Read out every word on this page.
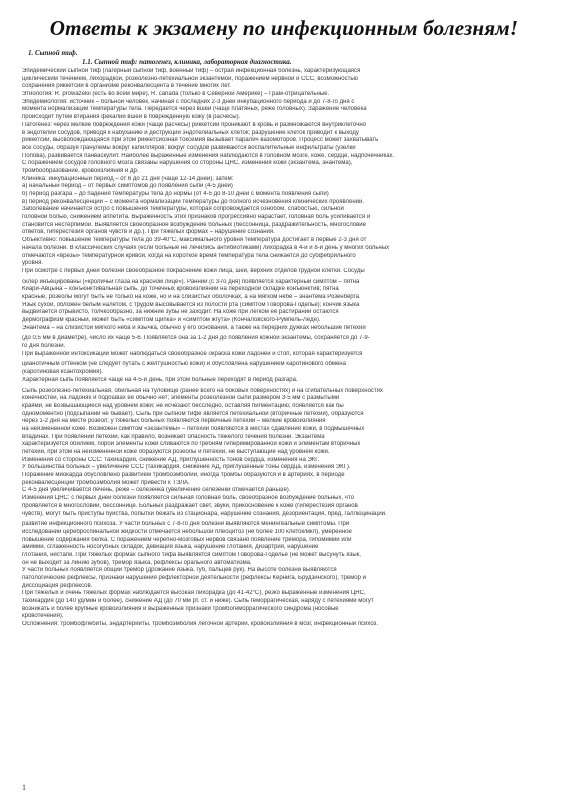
Ответы к экзамену по инфекционным болезням!
1. Сыпной тиф.
1.1. Сыпной тиф: патогенез, клиника, лабораторная диагностика.
Эпидемический сыпной тиф (лагерный сыпной тиф, военный тиф) – острая инфекционная болезнь, характеризующаяся
циклическим течением, лихорадкой, розеолезно-петехиальной экзантемой, поражением нервной и ССС, возможностью
сохранения риккетсий в организме реконвалесцента в течение многих лет.
Этиология: R. prowazekii (есть во всем мире), R. canada (только в Северной Америке) – Грам-отрицательные.
Эпидемиология: источник – больной человек, начиная с последних 2-3 дней инкубационного периода и до 7-8-го дня с
момента нормализации температуры тела. Передается через вшей (чаще платяных, реже головных). Заражение человека
происходит путем втирания фекалий вшей в поврежденную кожу (в расчесы).
Патогенез: через мелкие повреждения кожи (чаще расчесы) риккетсии проникают в кровь и размножаются внутриклеточно
в эндотелии сосудов, приводя к набуханию и деструкции эндотелиальных клеток; разрушение клеток приводит к выходу
риккетсий, высвобождающаяся при этом риккетсиозная токсемия вызывает паралич вазомоторов. Процесс может захватывать
все сосуды, образуя гранулемы вокруг капилляров; вокруг сосудов развиваются воспалительные инфильтраты (узелки
Попова), развивается панваскулит. Наиболее выраженные изменения наблюдаются в головном мозге, коже, сердце, надпочечниках.
С поражением сосудов головного мозга связаны нарушения со стороны ЦНС, изменения кожи (экзантема, энантема),
тромбообразование, кровоизлияния и др.
Клиника: инкубационный период – от 6 до 21 дня (чаще 12-14 дней), затем:
а) начальный период – от первых симптомов до появления сыпи (4-5 дней)
б) период разгара – до падения температуры тела до нормы (от 4-5 до 8-10 дней с момента появления сыпи)
в) период реконвалесценции – с момента нормализации температуры до полного исчезновения клинических проявлений.
Заболевание начинается остро с повышения температуры, которая сопровождается ознобом, слабостью, сильной
головной болью, снижением аппетита. Выраженность этих признаков прогрессивно нарастает, головная боль усиливается и
становится нестерпимой. Выявляется своеобразное возбуждение больных (бессонница, раздражительность, многословие
ответов, гиперестезия органов чувств и др.). При тяжелых формах – нарушение сознания.
Объективно: повышение температуры тела до 39-40°С, максимального уровня температура достигает в первые 2-3 дня от
начала болезни. В классических случаях (если больные не лечились антибиотиками) лихорадка в 4-й и 8-й день у многих больных
отмечаются «врезы» температурной кривой, когда на короткое время температура тела снижается до субфебрильного
уровня.
При осмотре с первых дней болезни своеобразное покраснение кожи лица, шеи, верхних отделов грудной клетки. Сосуды
склер инъецированы («кроличьи глаза на красном лице»). Ранний (с 3-го дня) появляется характерный симптом – пятна
Киари-Авцына – конъюнктивальная сыпь, до точечных кровоизлияний на переходной складке конъюнктив; пятна
красные, розеолы могут быть не только на коже, но и на слизистых оболочках, а на мягком небе – энантема Розенберга.
Язык сухой, обложен белым налетом, с трудом высовывается из полости рта (симптом Говорова-Годелье); кончик языка
выдвигается отрывисто, толчкообразно, за нижние зубы не заходит. На коже при легком её растирании остаются
дермографизм красный, может быть «симптом щипка» и «симптом жгута» (Кончаловского-Румпель-Леде).
Энантема – на слизистой мягкого неба и язычка, обычно у его основания, а также на передних дужках небольшие петехии
(до 0,5 мм в диаметре), число их чаще 5-6. Появляется она за 1-2 дня до появления кожной экзантемы, сохраняется до 7-9-
го дня болезни.
При выраженной интоксикации может наблюдаться своеобразное окраска кожи ладоней и стоп, которая характеризуется
цианотичным оттенком (не следует путать с желтушностью кожи) и обусловлена нарушением каротинового обмена
(каротиновая ксантохромия).
Характерная сыпь появляется чаще на 4-5-й день, при этом больные переходят в период разгара.
Сыпь розеолезно-петехиальная, обильная на туловище (ранее всего на боковых поверхностях) и на сгибательных поверхностях
конечностей, на ладонях и подошвах её обычно нет; элементы розеолезной сыпи размером 3-5 мм с размытыми
краями, не возвышающиеся над уровнем кожи; не исчезают бесследно, оставляя пигментацию; появляется как бы
одномоментно (подсыпаний не бывает). Сыпь при сыпном тифе является петехиальной (вторичные петехии), образуются
через 1-2 дня на месте розеол; у тяжелых больных появляются первичные петехии – мелкие кровоизлияния
на неизмененной коже. Возможен симптом «экзантемы» – петехии появляются в местах сдавления кожи, в подмышечных
впадинах. При появлении петехий, как правило, возникает опасность тяжелого течения болезни. Экзантема
характеризуется обилием, порой элементы кожи сливаются по гребням гиперемированной кожи и элементам вторичных
петехий, при этом на неизмененной коже образуются розеолы и петехии, не выступающие над уровнем кожи.
Изменения со стороны ССС: тахикардия, снижение АД, приглушенность тонов сердца, изменения на ЭКГ.
У большинства больных – увеличение ССС (тахикардия, снижение АД, приглушенные тоны сердца, изменения ЭКГ).
Поражение миокарда обусловлено развитием тромбоэмболии, иногда тромбы образуются и в артериях, в периоде
реконвалесценции тромбоэмболия может привести к ТЭЛА.
С 4-5 дня увеличивается печень, реже – селезенка (увеличение селезенки отмечается раньше).
Изменения ЦНС: с первых дней болезни появляется сильная головная боль, своеобразное возбуждение больных, что
проявляется в многословии, бессоннице. Больных раздражает свет, звуки, прикосновение к коже (гиперестезия органов
чувств), могут быть приступы буйства, попытки бежать из стационара, нарушение сознания, дезориентация, бред, галлюцинации.
развитие инфекционного психоза. У части больных с 7-8-го дня болезни выявляются менингеальные симптомы. При
исследовании цереброспинальной жидкости отмечается небольшой плеоцитоз (не более 100 клеток/мкл), умеренное
повышение содержания белка. С поражением черепно-мозговых нервов связано появление тремора, гипомимии или
амимии, сглаженность носогубных складок, девиация языка, нарушение глотания, дизартрия, нарушение
глотания, нистагм. При тяжелых формах сыпного тифа выявляется симптом Говорова-Годелье (не может высунуть язык,
он не выходит за линию зубов), тремор языка, рефлексы орального автоматизма.
У части больных появляется общий тремор (дрожание языка, губ, пальцев рук). На высоте болезни выявляются
патологические рефлексы, признаки нарушения рефлекторной деятельности (рефлексы Кернига, Брудзинского), тремор и
диссоциация рефлексов.
При тяжелых и очень тяжелых формах наблюдается высокая лихорадка (до 41-42°С), резко выраженные изменения ЦНС,
тахикардия (до 140 уд/мин и более), снижение АД (до 70 мм рт. ст. и ниже). Сыпь геморрагическая, наряду с петехиями могут
возникать и более крупные кровоизлияния и выраженные признаки тромбогеморрагического синдрома (носовые
кровотечения).
Осложнения: тромбофлебиты, эндартерииты, тромбоэмболия легочной артерии, кровоизлияния в мозг, инфекционный психоз.
1
